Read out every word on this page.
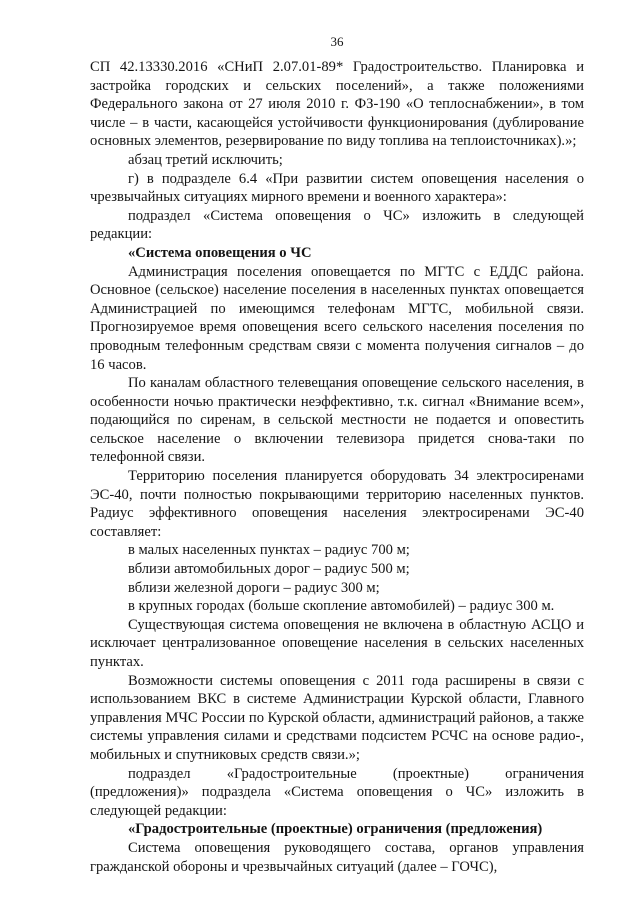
36

СП 42.13330.2016 «СНиП 2.07.01-89* Градостроительство. Планировка и застройка городских и сельских поселений», а также положениями Федерального закона от 27 июля 2010 г. ФЗ-190 «О теплоснабжении», в том числе – в части, касающейся устойчивости функционирования (дублирование основных элементов, резервирование по виду топлива на теплоисточниках).»;

абзац третий исключить;

г) в подразделе 6.4 «При развитии систем оповещения населения о чрезвычайных ситуациях мирного времени и военного характера»:

подраздел «Система оповещения о ЧС» изложить в следующей редакции:

«Система оповещения о ЧС

Администрация поселения оповещается по МГТС с ЕДДС района. Основное (сельское) население поселения в населенных пунктах оповещается Администрацией по имеющимся телефонам МГТС, мобильной связи. Прогнозируемое время оповещения всего сельского населения поселения по проводным телефонным средствам связи с момента получения сигналов – до 16 часов.

По каналам областного телевещания оповещение сельского населения, в особенности ночью практически неэффективно, т.к. сигнал «Внимание всем», подающийся по сиренам, в сельской местности не подается и оповестить сельское население о включении телевизора придется снова-таки по телефонной связи.

Территорию поселения планируется оборудовать 34 электросиренами ЭС-40, почти полностью покрывающими территорию населенных пунктов. Радиус эффективного оповещения населения электросиренами ЭС-40 составляет:

в малых населенных пунктах – радиус 700 м;

вблизи автомобильных дорог – радиус 500 м;

вблизи железной дороги – радиус 300 м;

в крупных городах (больше скопление автомобилей) – радиус 300 м.

Существующая система оповещения не включена в областную АСЦО и исключает централизованное оповещение населения в сельских населенных пунктах.

Возможности системы оповещения с 2011 года расширены в связи с использованием ВКС в системе Администрации Курской области, Главного управления МЧС России по Курской области, администраций районов, а также системы управления силами и средствами подсистем РСЧС на основе радио-, мобильных и спутниковых средств связи.»;

подраздел «Градостроительные (проектные) ограничения (предложения)» подраздела «Система оповещения о ЧС» изложить в следующей редакции:

«Градостроительные (проектные) ограничения (предложения)

Система оповещения руководящего состава, органов управления гражданской обороны и чрезвычайных ситуаций (далее – ГОЧС),
